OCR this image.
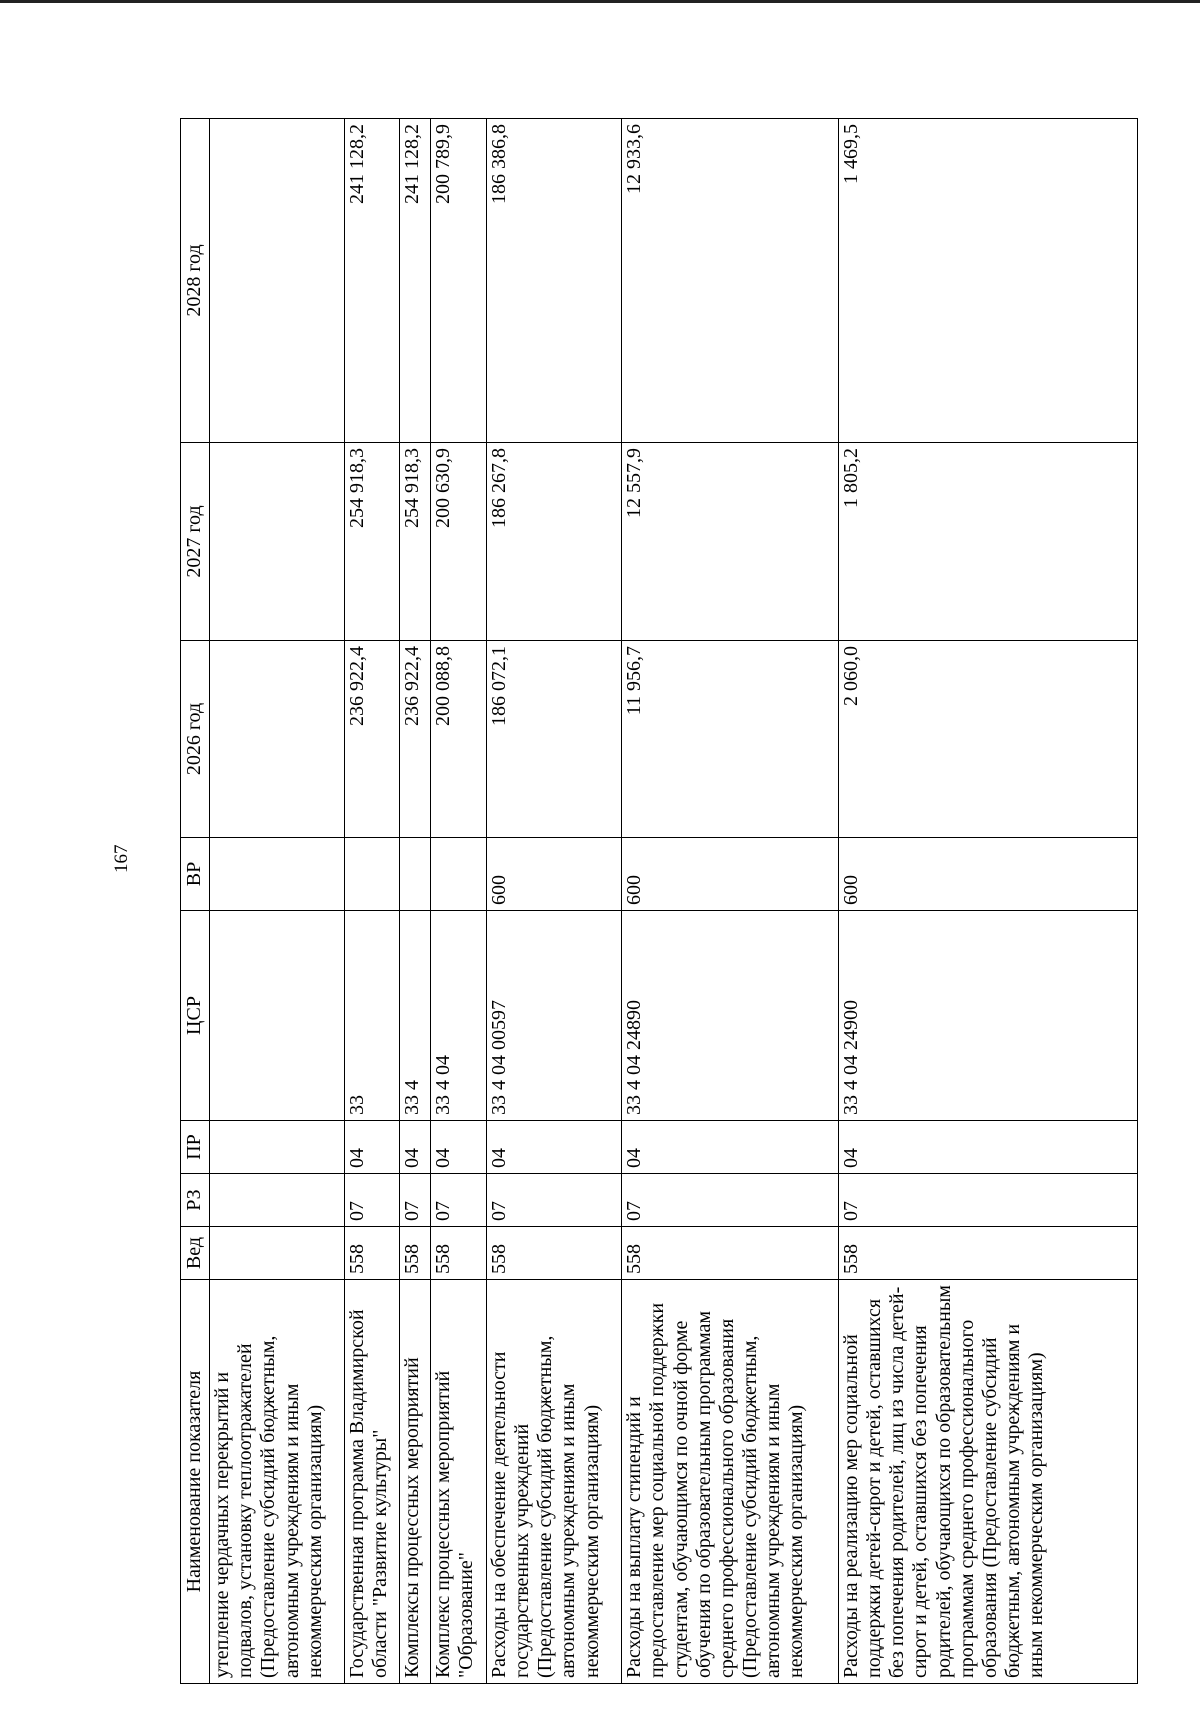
167
Наименование показателя	Вед	РЗ	ПР	ЦСР	ВР	2026 год	2027 год	2028 год
утепление чердачных перекрытий и подвалов, установку теплоотражателей (Предоставление субсидий бюджетным, автономным учреждениям и иным некоммерческим организациям)								
Государственная программа Владимирской области "Развитие культуры"	558	07	04	33		236 922,4	254 918,3	241 128,2
Комплексы процессных мероприятий	558	07	04	33 4		236 922,4	254 918,3	241 128,2
Комплекс процессных мероприятий "Образование"	558	07	04	33 4 04		200 088,8	200 630,9	200 789,9
Расходы на обеспечение деятельности государственных учреждений (Предоставление субсидий бюджетным, автономным учреждениям и иным некоммерческим организациям)	558	07	04	33 4 04 00597	600	186 072,1	186 267,8	186 386,8
Расходы на выплату стипендий и предоставление мер социальной поддержки студентам, обучающимся по очной форме обучения по образовательным программам среднего профессионального образования (Предоставление субсидий бюджетным, автономным учреждениям и иным некоммерческим организациям)	558	07	04	33 4 04 24890	600	11 956,7	12 557,9	12 933,6
Расходы на реализацию мер социальной поддержки детей-сирот и детей, оставшихся без попечения родителей, лиц из числа детей-сирот и детей, оставшихся без попечения родителей, обучающихся по образовательным программам среднего профессионального образования (Предоставление субсидий бюджетным, автономным учреждениям и иным некоммерческим организациям)	558	07	04	33 4 04 24900	600	2 060,0	1 805,2	1 469,5
